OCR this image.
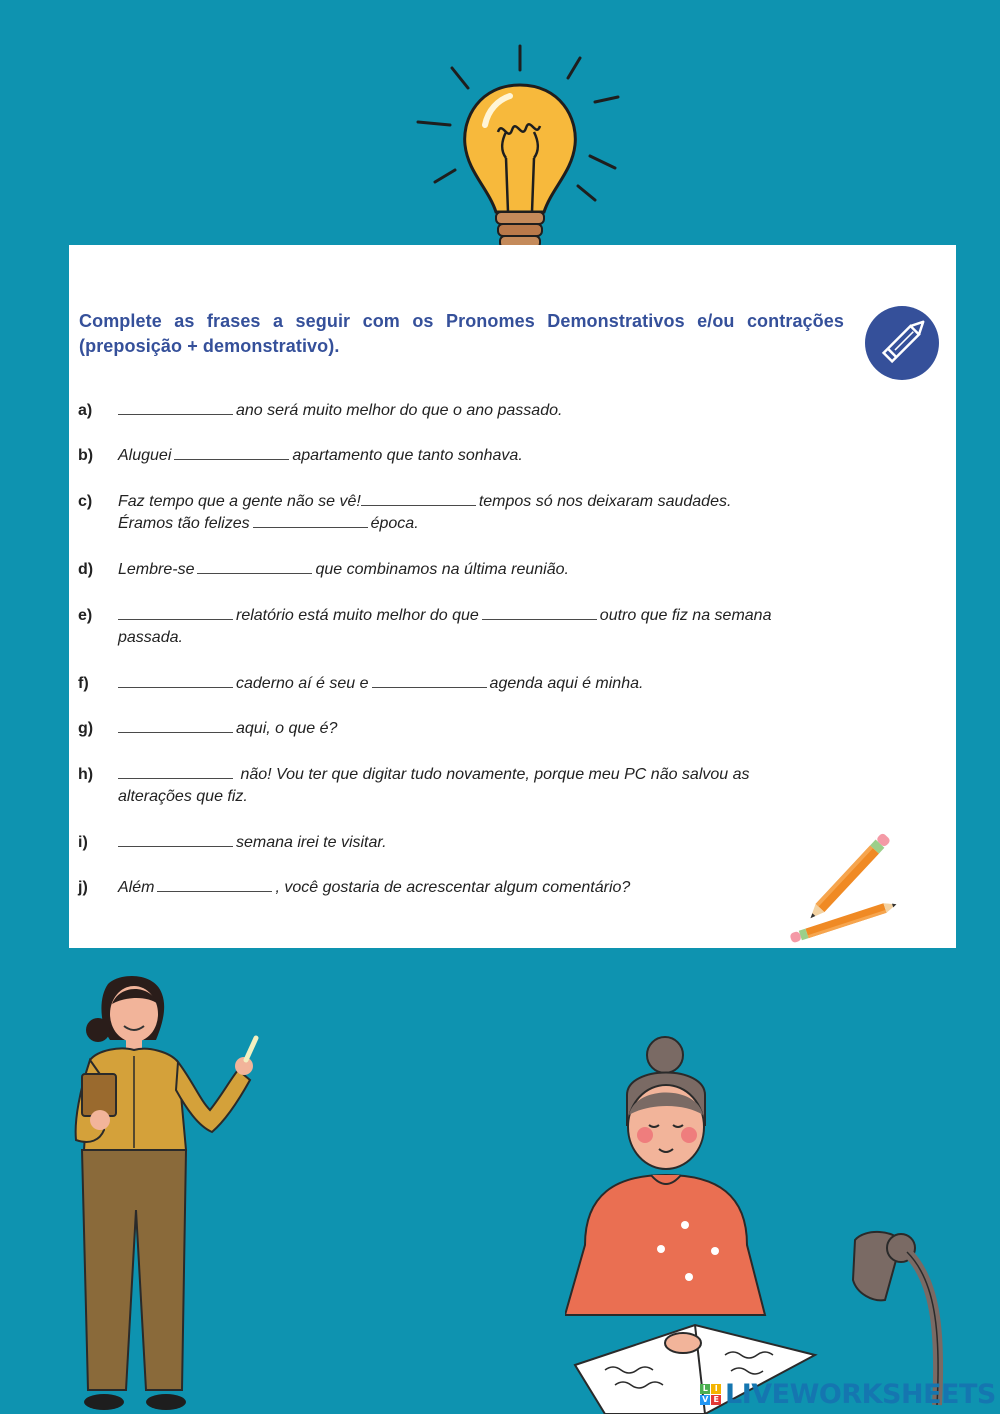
Complete as frases a seguir com os Pronomes Demonstrativos e/ou contrações (preposição + demonstrativo).
a)	ano será muito melhor do que o ano passado.
b) Aluguei	apartamento que tanto sonhava.
c) Faz tempo que a gente não se vê!	tempos só nos deixaram saudades.
Éramos tão felizes	época.
d) Lembre-se	que combinamos na última reunião.
e)	relatório está muito melhor do que	outro que fiz na semana
passada.
f)	caderno aí é seu e	agenda aqui é minha.
g)	aqui, o que é?
h)	não! Vou ter que digitar tudo novamente, porque meu PC não salvou as
alterações que fiz.
i)	semana irei te visitar.
j) Além	, você gostaria de acrescentar algum comentário?
L I
V E LIVEWORKSHEETS
